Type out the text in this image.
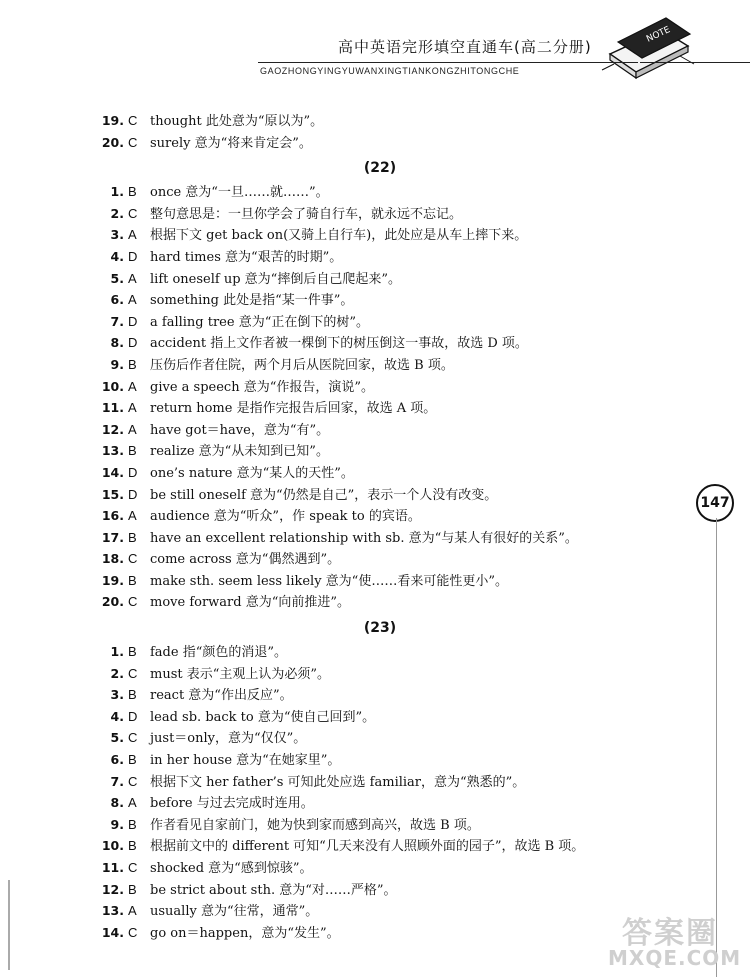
NOTE
高中英语完形填空直通车(高二分册)
GAOZHONGYINGYUWANXINGTIANKONGZHITONGCHE
19. C thought 此处意为“原以为”。
20. C surely 意为“将来肯定会”。
(22)
1. B once 意为“一旦……就……”。
2. C 整句意思是：一旦你学会了骑自行车，就永远不忘记。
3. A 根据下文 get back on(又骑上自行车)，此处应是从车上摔下来。
4. D hard times 意为“艰苦的时期”。
5. A lift oneself up 意为“摔倒后自己爬起来”。
6. A something 此处是指“某一件事”。
7. D a falling tree 意为“正在倒下的树”。
8. D accident 指上文作者被一棵倒下的树压倒这一事故，故选 D 项。
9. B 压伤后作者住院，两个月后从医院回家，故选 B 项。
10. A give a speech 意为“作报告，演说”。
11. A return home 是指作完报告后回家，故选 A 项。
12. A have got＝have，意为“有”。
13. B realize 意为“从未知到已知”。
14. D one’s nature 意为“某人的天性”。
15. D be still oneself 意为“仍然是自己”，表示一个人没有改变。
16. A audience 意为“听众”，作 speak to 的宾语。
17. B have an excellent relationship with sb. 意为“与某人有很好的关系”。
18. C come across 意为“偶然遇到”。
19. B make sth. seem less likely 意为“使……看来可能性更小”。
20. C move forward 意为“向前推进”。
(23)
1. B fade 指“颜色的消退”。
2. C must 表示“主观上认为必须”。
3. B react 意为“作出反应”。
4. D lead sb. back to 意为“使自己回到”。
5. C just＝only，意为“仅仅”。
6. B in her house 意为“在她家里”。
7. C 根据下文 her father’s 可知此处应选 familiar，意为“熟悉的”。
8. A before 与过去完成时连用。
9. B 作者看见自家前门，她为快到家而感到高兴，故选 B 项。
10. B 根据前文中的 different 可知“几天来没有人照顾外面的园子”，故选 B 项。
11. C shocked 意为“感到惊骇”。
12. B be strict about sth. 意为“对……严格”。
13. A usually 意为“往常，通常”。
14. C go on＝happen，意为“发生”。
147
答案圈
MXQE.COM
